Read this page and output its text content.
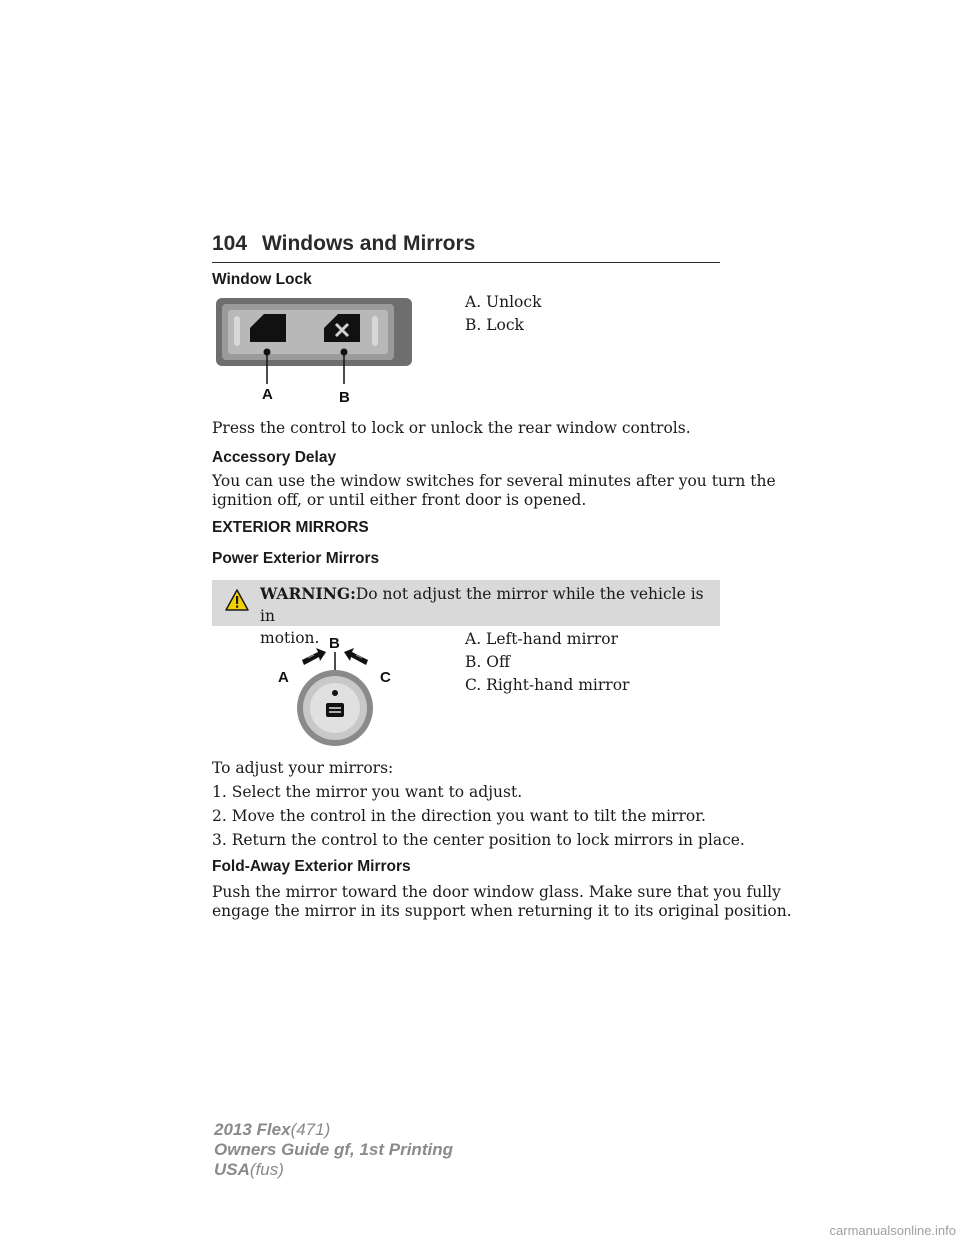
104 Windows and Mirrors
Window Lock
A	B
A. Unlock
B. Lock
Press the control to lock or unlock the rear window controls.
Accessory Delay
You can use the window switches for several minutes after you turn the
ignition off, or until either front door is opened.
EXTERIOR MIRRORS
Power Exterior Mirrors
WARNING:Do not adjust the mirror while the vehicle is in
motion. B
A	C
A. Left-hand mirror
B. Off
C. Right-hand mirror
To adjust your mirrors:
1. Select the mirror you want to adjust.
2. Move the control in the direction you want to tilt the mirror.
3. Return the control to the center position to lock mirrors in place.
Fold-Away Exterior Mirrors
Push the mirror toward the door window glass. Make sure that you fully
engage the mirror in its support when returning it to its original position.
2013 Flex(471)
Owners Guide gf, 1st Printing
USA(fus)
carmanualsonline.info
